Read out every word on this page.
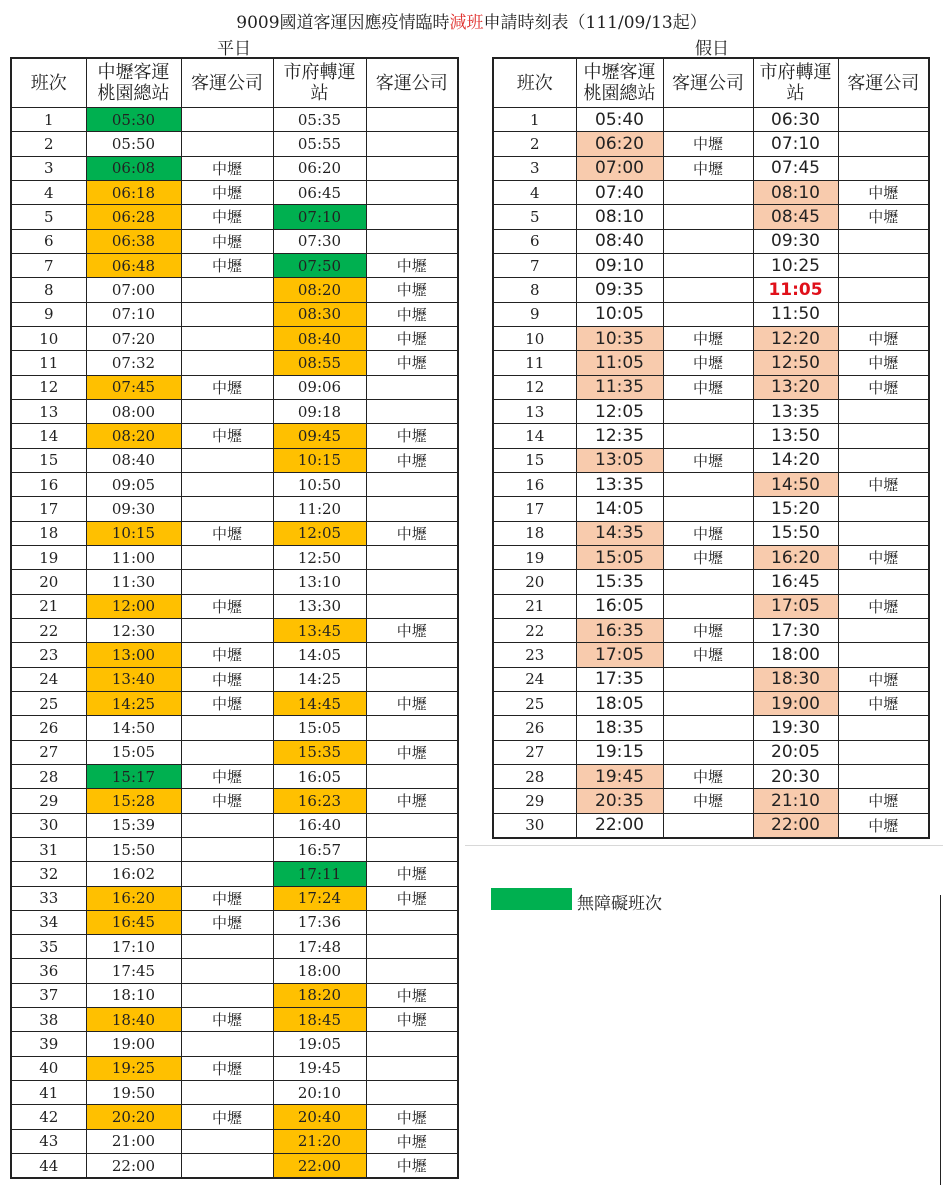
9009國道客運因應疫情臨時減班申請時刻表（111/09/13起）
平日	假日
班次	中壢客運
桃園總站	客運公司	市府轉運
站	客運公司
1	05:30		05:35	
2	05:50		05:55	
3	06:08	中壢	06:20	
4	06:18	中壢	06:45	
5	06:28	中壢	07:10	
6	06:38	中壢	07:30	
7	06:48	中壢	07:50	中壢
8	07:00		08:20	中壢
9	07:10		08:30	中壢
10	07:20		08:40	中壢
11	07:32		08:55	中壢
12	07:45	中壢	09:06	
13	08:00		09:18	
14	08:20	中壢	09:45	中壢
15	08:40		10:15	中壢
16	09:05		10:50	
17	09:30		11:20	
18	10:15	中壢	12:05	中壢
19	11:00		12:50	
20	11:30		13:10	
21	12:00	中壢	13:30	
22	12:30		13:45	中壢
23	13:00	中壢	14:05	
24	13:40	中壢	14:25	
25	14:25	中壢	14:45	中壢
26	14:50		15:05	
27	15:05		15:35	中壢
28	15:17	中壢	16:05	
29	15:28	中壢	16:23	中壢
30	15:39		16:40	
31	15:50		16:57	
32	16:02		17:11	中壢
33	16:20	中壢	17:24	中壢
34	16:45	中壢	17:36	
35	17:10		17:48	
36	17:45		18:00	
37	18:10		18:20	中壢
38	18:40	中壢	18:45	中壢
39	19:00		19:05	
40	19:25	中壢	19:45	
41	19:50		20:10	
42	20:20	中壢	20:40	中壢
43	21:00		21:20	中壢
44	22:00		22:00	中壢
班次	中壢客運
桃園總站	客運公司	市府轉運
站	客運公司
1	05:40		06:30	
2	06:20	中壢	07:10	
3	07:00	中壢	07:45	
4	07:40		08:10	中壢
5	08:10		08:45	中壢
6	08:40		09:30	
7	09:10		10:25	
8	09:35		11:05	
9	10:05		11:50	
10	10:35	中壢	12:20	中壢
11	11:05	中壢	12:50	中壢
12	11:35	中壢	13:20	中壢
13	12:05		13:35	
14	12:35		13:50	
15	13:05	中壢	14:20	
16	13:35		14:50	中壢
17	14:05		15:20	
18	14:35	中壢	15:50	
19	15:05	中壢	16:20	中壢
20	15:35		16:45	
21	16:05		17:05	中壢
22	16:35	中壢	17:30	
23	17:05	中壢	18:00	
24	17:35		18:30	中壢
25	18:05		19:00	中壢
26	18:35		19:30	
27	19:15		20:05	
28	19:45	中壢	20:30	
29	20:35	中壢	21:10	中壢
30	22:00		22:00	中壢
無障礙班次
